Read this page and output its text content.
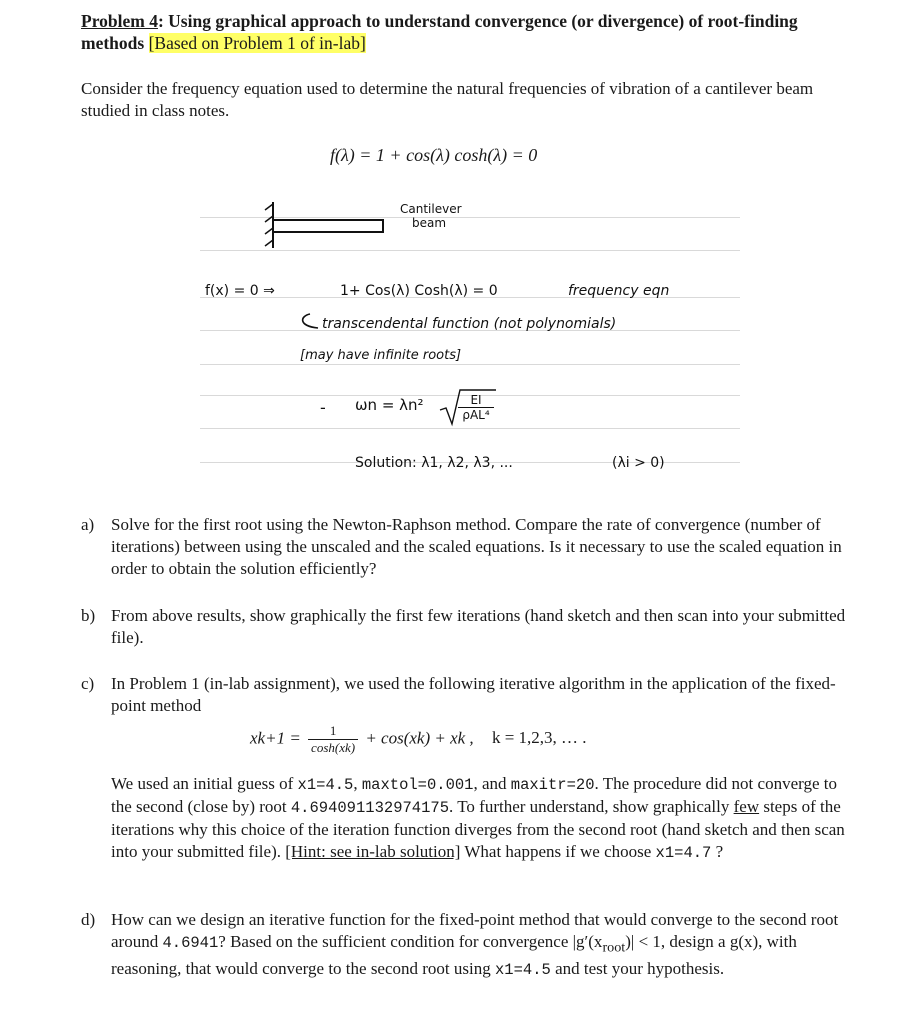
Problem 4: Using graphical approach to understand convergence (or divergence) of root-finding methods [Based on Problem 1 of in-lab]
Consider the frequency equation used to determine the natural frequencies of vibration of a cantilever beam studied in class notes.
f(λ) = 1 + cos(λ) cosh(λ) = 0
Cantilever
beam
f(x) = 0 ⇒	1+ Cos(λ) Cosh(λ) = 0	frequency eqn
transcendental function (not polynomials)
[may have infinite roots]
- ωn = λn²	EI
ρAL⁴
Solution: λ1, λ2, λ3, ...	(λi > 0)
a) Solve for the first root using the Newton-Raphson method. Compare the rate of convergence (number of iterations) between using the unscaled and the scaled equations. Is it necessary to use the scaled equation in order to obtain the solution efficiently?
b) From above results, show graphically the first few iterations (hand sketch and then scan into your submitted file).
c) In Problem 1 (in-lab assignment), we used the following iterative algorithm in the application of the fixed-point method
$xk+1 = \frac{1}{\cosh(xk)} + \cos(xk)$ + xk , k = 1,2,3, … .
We used an initial guess of x1=4.5, maxtol=0.001, and maxitr=20. The procedure did not converge to the second (close by) root 4.694091132974175. To further understand, show graphically few steps of the iterations why this choice of the iteration function diverges from the second root (hand sketch and then scan into your submitted file). [Hint: see in-lab solution] What happens if we choose x1=4.7 ?
d) How can we design an iterative function for the fixed-point method that would converge to the second root around 4.6941? Based on the sufficient condition for convergence $|g'(x_{root})| < 1$, design a g(x), with reasoning, that would converge to the second root using x1=4.5 and test your hypothesis.
